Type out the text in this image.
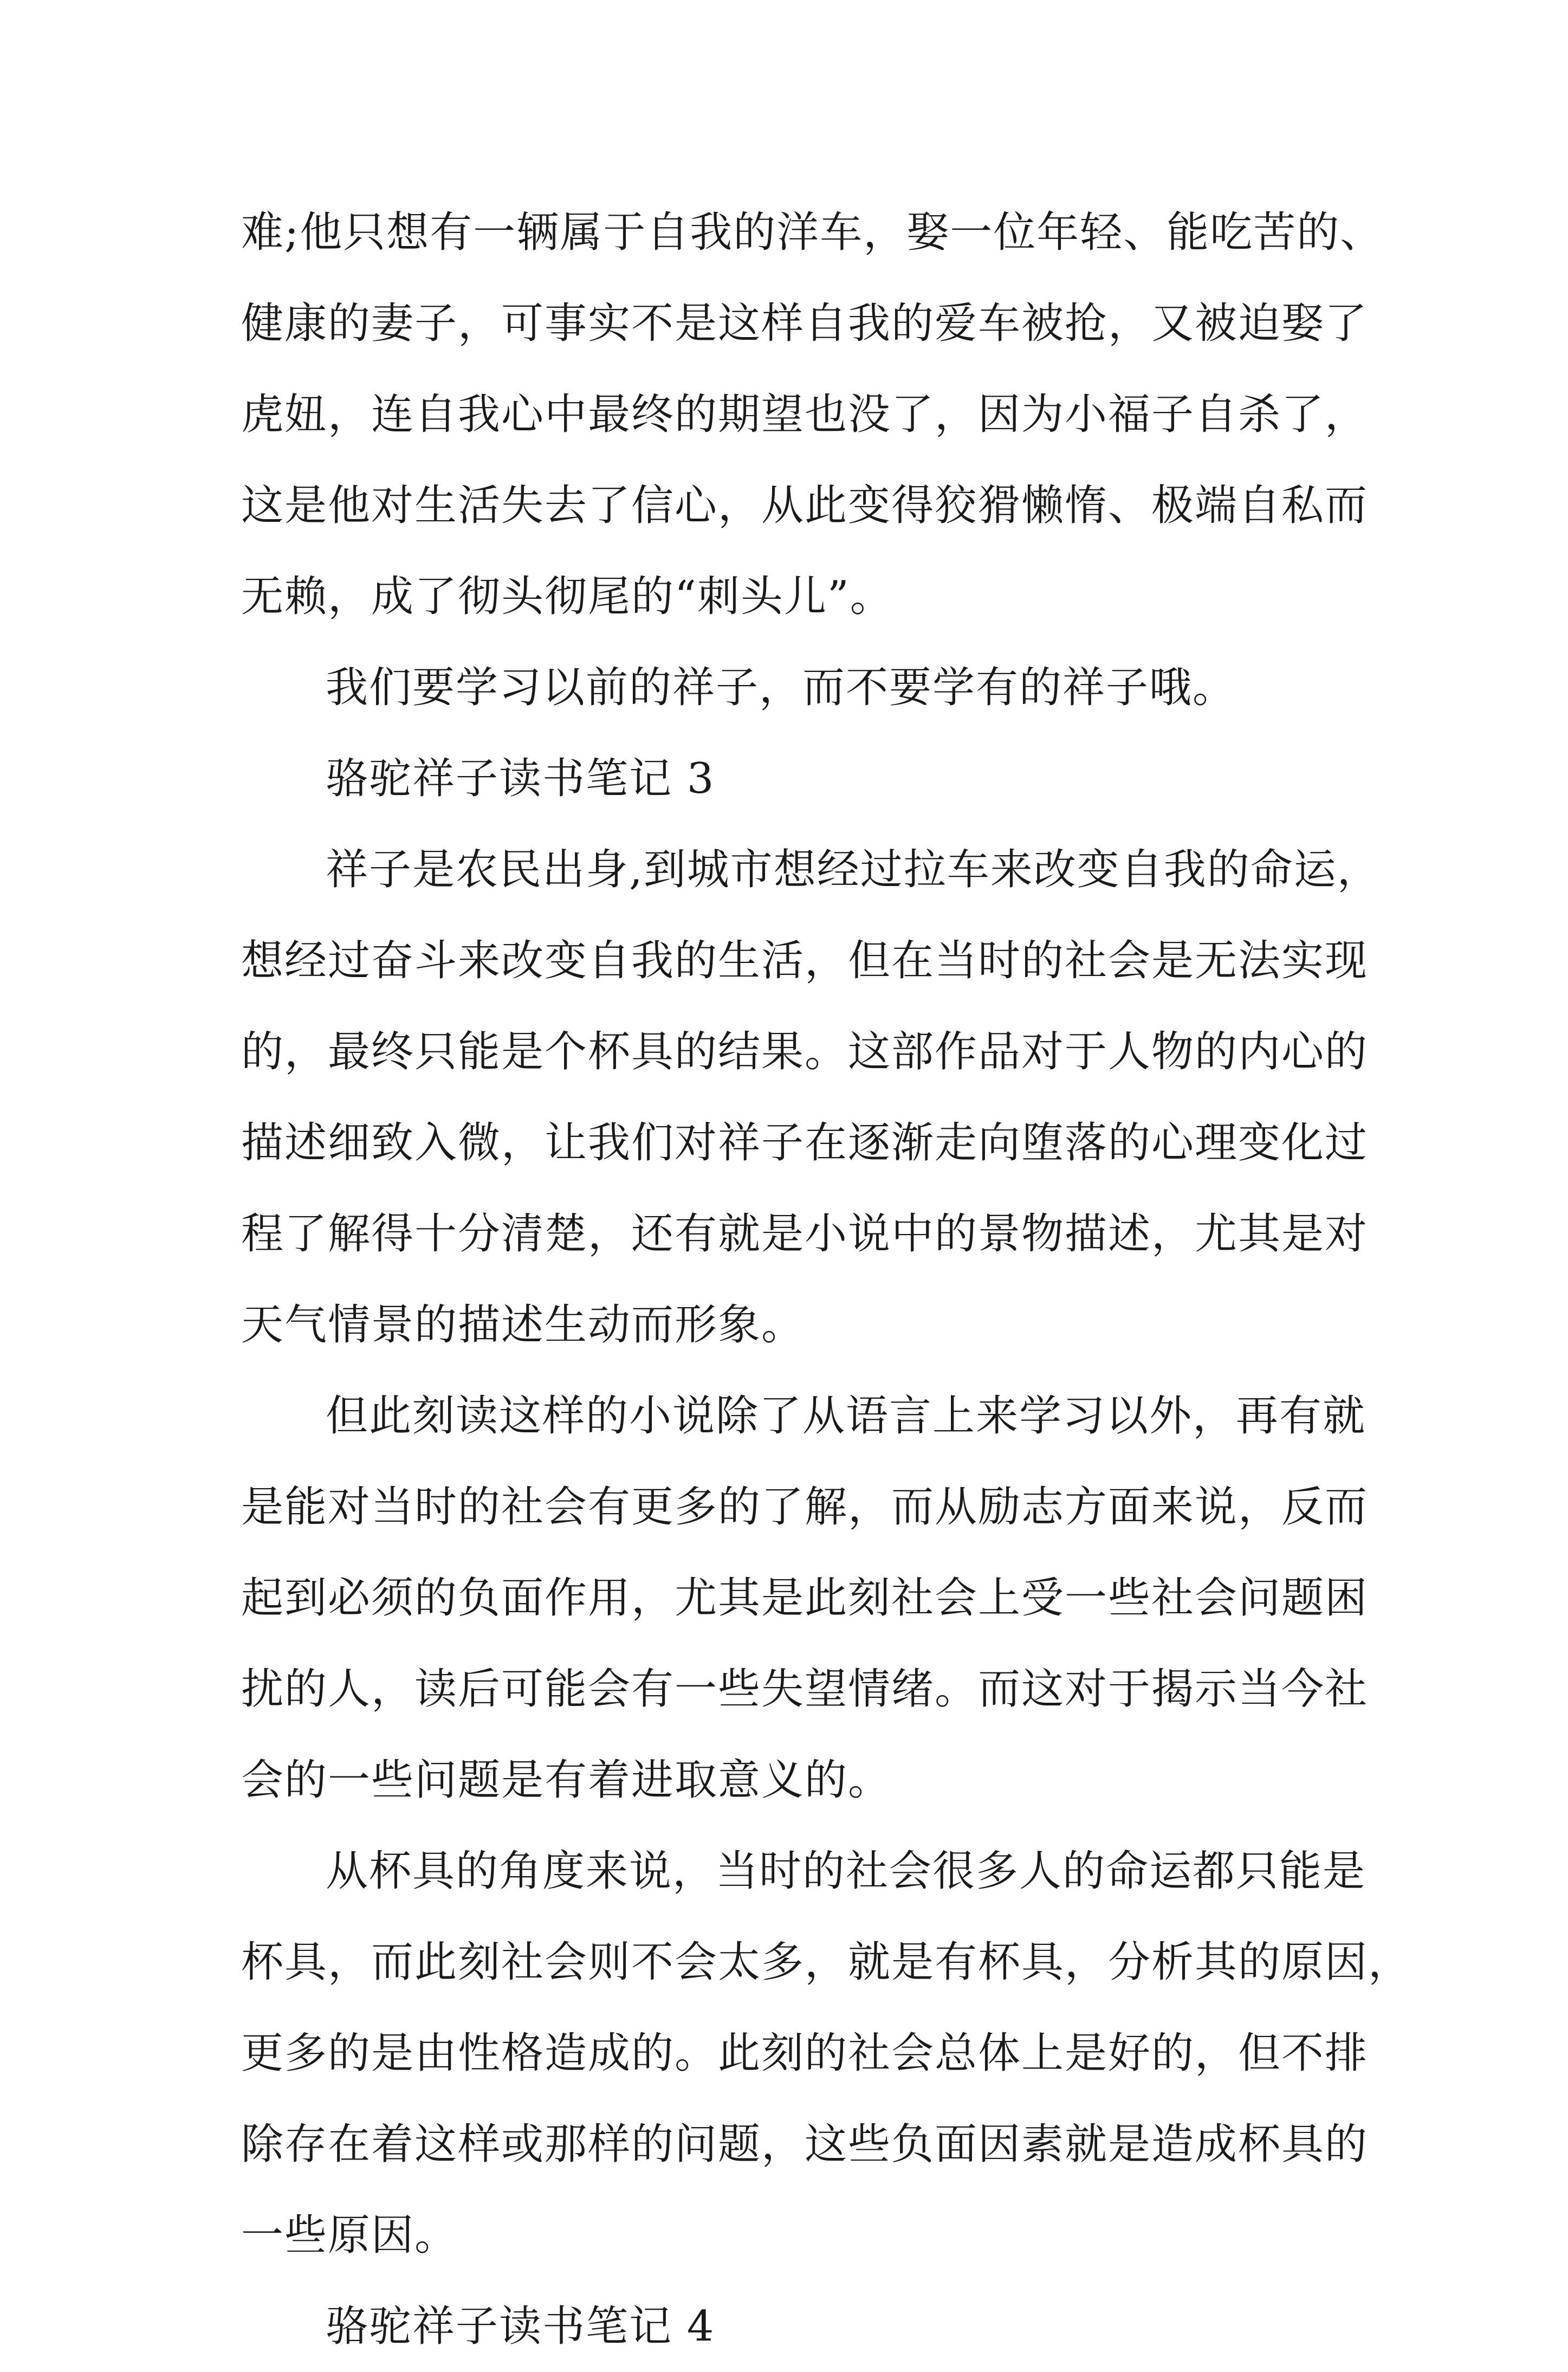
难;他只想有一辆属于自我的洋车，娶一位年轻、能吃苦的、
健康的妻子，可事实不是这样自我的爱车被抢，又被迫娶了
虎妞，连自我心中最终的期望也没了，因为小福子自杀了，
这是他对生活失去了信心，从此变得狡猾懒惰、极端自私而
无赖，成了彻头彻尾的“刺头儿”。
我们要学习以前的祥子，而不要学有的祥子哦。
骆驼祥子读书笔记 3
祥子是农民出身,到城市想经过拉车来改变自我的命运，
想经过奋斗来改变自我的生活，但在当时的社会是无法实现
的，最终只能是个杯具的结果。这部作品对于人物的内心的
描述细致入微，让我们对祥子在逐渐走向堕落的心理变化过
程了解得十分清楚，还有就是小说中的景物描述，尤其是对
天气情景的描述生动而形象。
但此刻读这样的小说除了从语言上来学习以外，再有就
是能对当时的社会有更多的了解，而从励志方面来说，反而
起到必须的负面作用，尤其是此刻社会上受一些社会问题困
扰的人，读后可能会有一些失望情绪。而这对于揭示当今社
会的一些问题是有着进取意义的。
从杯具的角度来说，当时的社会很多人的命运都只能是
杯具，而此刻社会则不会太多，就是有杯具，分析其的原因，
更多的是由性格造成的。此刻的社会总体上是好的，但不排
除存在着这样或那样的问题，这些负面因素就是造成杯具的
一些原因。
骆驼祥子读书笔记 4
